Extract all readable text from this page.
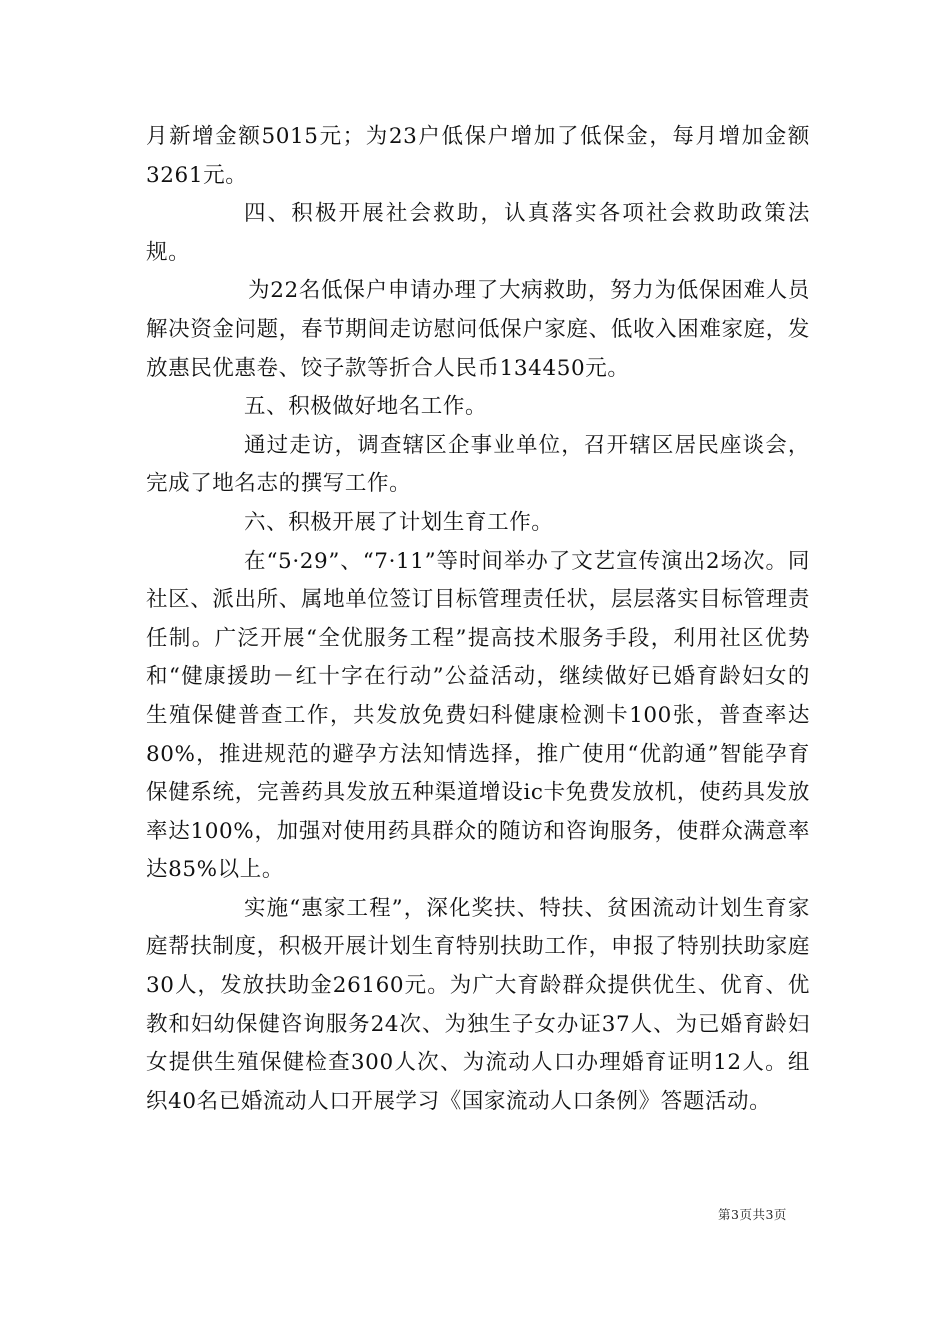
月新增金额5015元；为23户低保户增加了低保金，每月增加金额3261元。

四、积极开展社会救助，认真落实各项社会救助政策法规。

为22名低保户申请办理了大病救助，努力为低保困难人员解决资金问题，春节期间走访慰问低保户家庭、低收入困难家庭，发放惠民优惠卷、饺子款等折合人民币134450元。

五、积极做好地名工作。

通过走访，调查辖区企事业单位，召开辖区居民座谈会，完成了地名志的撰写工作。

六、积极开展了计划生育工作。

在“5·29”、“7·11”等时间举办了文艺宣传演出2场次。同社区、派出所、属地单位签订目标管理责任状，层层落实目标管理责任制。广泛开展“全优服务工程”提高技术服务手段，利用社区优势和“健康援助－红十字在行动”公益活动，继续做好已婚育龄妇女的生殖保健普查工作，共发放免费妇科健康检测卡100张，普查率达80%，推进规范的避孕方法知情选择，推广使用“优韵通”智能孕育保健系统，完善药具发放五种渠道增设ic卡免费发放机，使药具发放率达100%，加强对使用药具群众的随访和咨询服务，使群众满意率达85%以上。

实施“惠家工程”，深化奖扶、特扶、贫困流动计划生育家庭帮扶制度，积极开展计划生育特别扶助工作，申报了特别扶助家庭30人，发放扶助金26160元。为广大育龄群众提供优生、优育、优教和妇幼保健咨询服务24次、为独生子女办证37人、为已婚育龄妇女提供生殖保健检查300人次、为流动人口办理婚育证明12人。组织40名已婚流动人口开展学习《国家流动人口条例》答题活动。

第3页共3页
